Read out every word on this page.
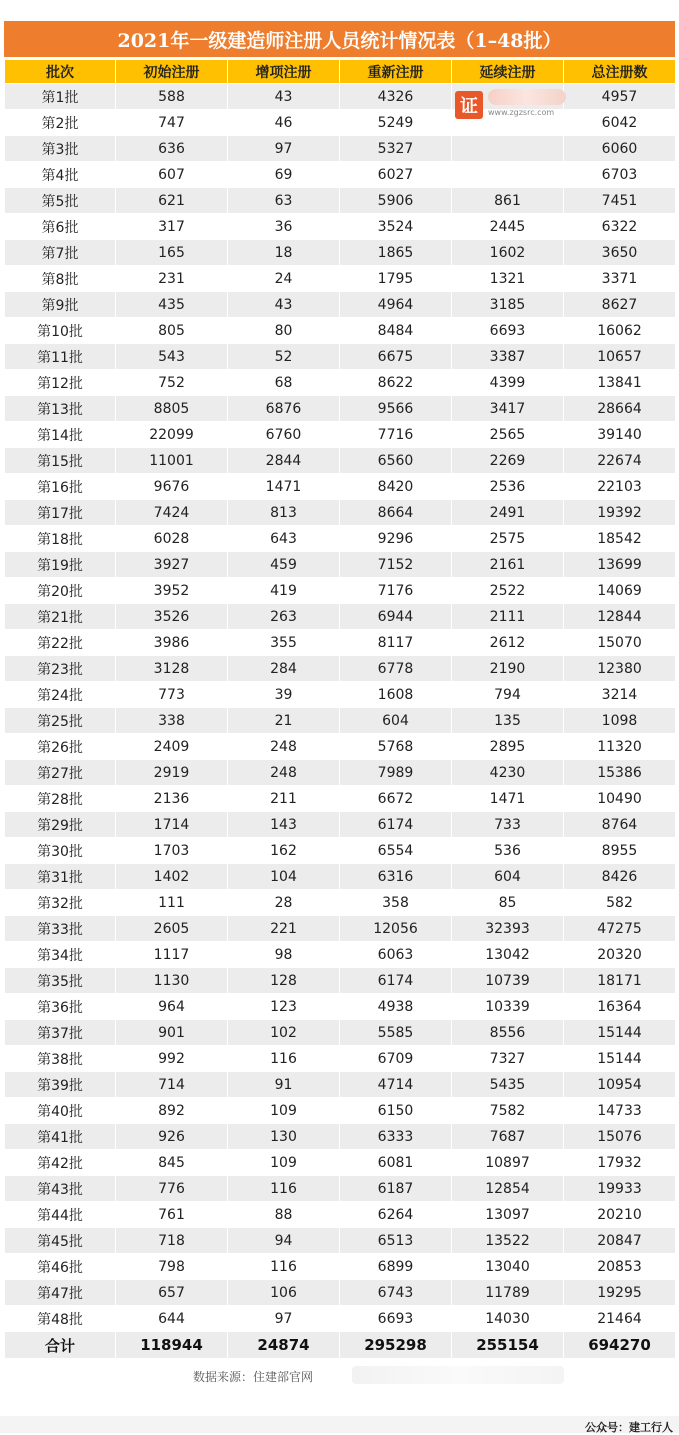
2021年一级建造师注册人员统计情况表（1–48批）
批次	初始注册	增项注册	重新注册	延续注册	总注册数
第1批	588	43	4326		4957
第2批	747	46	5249		6042
第3批	636	97	5327		6060
第4批	607	69	6027		6703
第5批	621	63	5906	861	7451
第6批	317	36	3524	2445	6322
第7批	165	18	1865	1602	3650
第8批	231	24	1795	1321	3371
第9批	435	43	4964	3185	8627
第10批	805	80	8484	6693	16062
第11批	543	52	6675	3387	10657
第12批	752	68	8622	4399	13841
第13批	8805	6876	9566	3417	28664
第14批	22099	6760	7716	2565	39140
第15批	11001	2844	6560	2269	22674
第16批	9676	1471	8420	2536	22103
第17批	7424	813	8664	2491	19392
第18批	6028	643	9296	2575	18542
第19批	3927	459	7152	2161	13699
第20批	3952	419	7176	2522	14069
第21批	3526	263	6944	2111	12844
第22批	3986	355	8117	2612	15070
第23批	3128	284	6778	2190	12380
第24批	773	39	1608	794	3214
第25批	338	21	604	135	1098
第26批	2409	248	5768	2895	11320
第27批	2919	248	7989	4230	15386
第28批	2136	211	6672	1471	10490
第29批	1714	143	6174	733	8764
第30批	1703	162	6554	536	8955
第31批	1402	104	6316	604	8426
第32批	111	28	358	85	582
第33批	2605	221	12056	32393	47275
第34批	1117	98	6063	13042	20320
第35批	1130	128	6174	10739	18171
第36批	964	123	4938	10339	16364
第37批	901	102	5585	8556	15144
第38批	992	116	6709	7327	15144
第39批	714	91	4714	5435	10954
第40批	892	109	6150	7582	14733
第41批	926	130	6333	7687	15076
第42批	845	109	6081	10897	17932
第43批	776	116	6187	12854	19933
第44批	761	88	6264	13097	20210
第45批	718	94	6513	13522	20847
第46批	798	116	6899	13040	20853
第47批	657	106	6743	11789	19295
第48批	644	97	6693	14030	21464
合计	118944	24874	295298	255154	694270
证	www.zgzsrc.com
数据来源：住建部官网
公众号：建工行人
